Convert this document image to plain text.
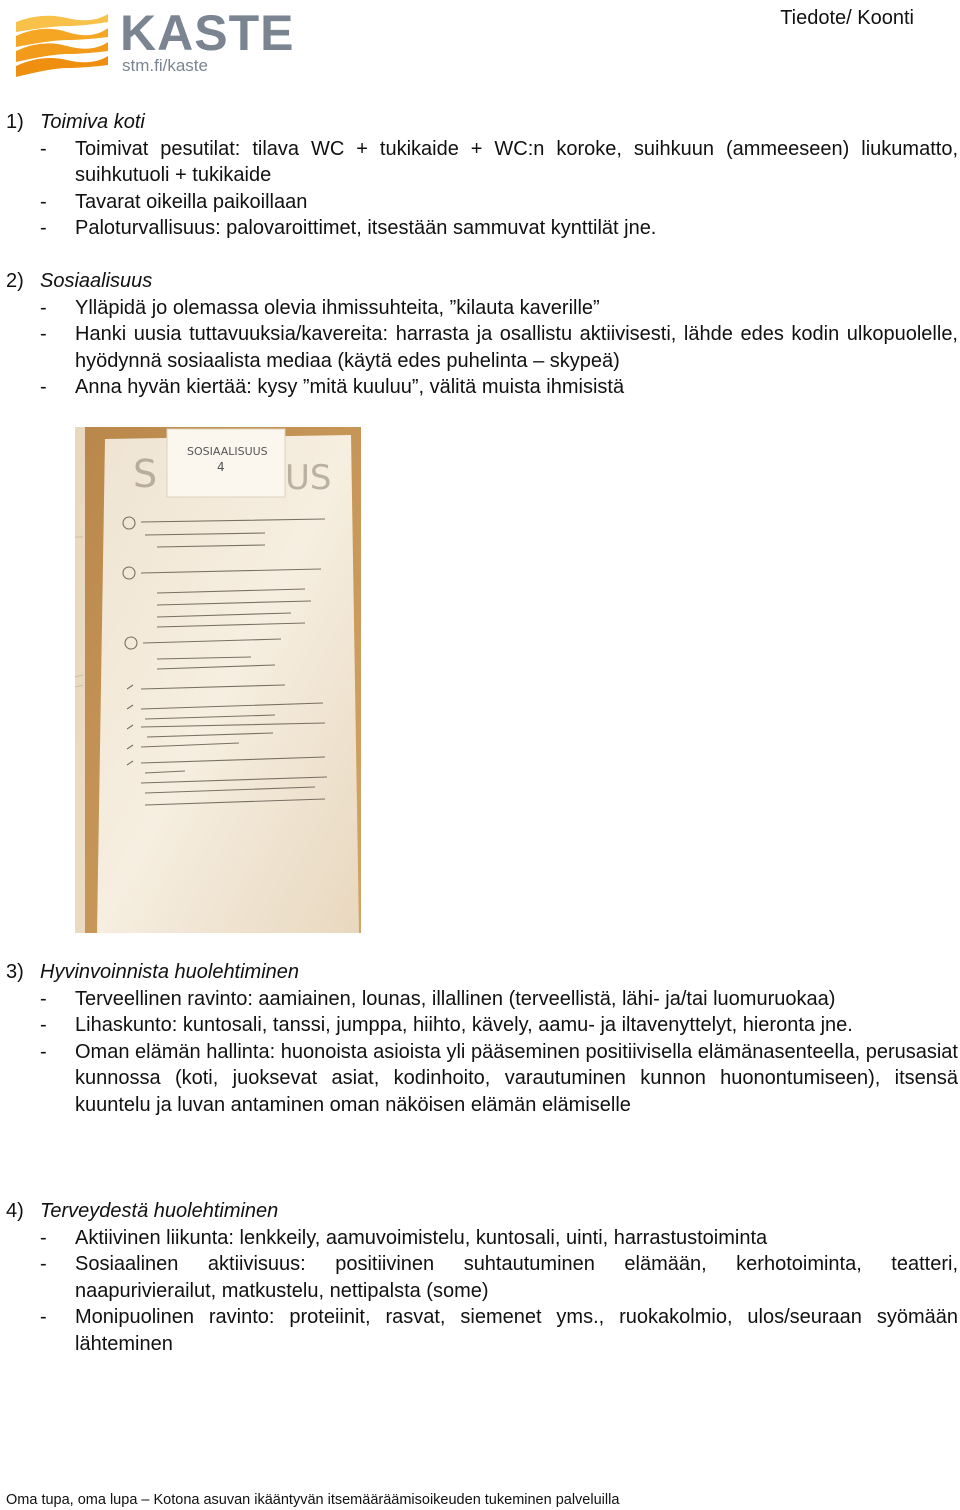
KASTE
stm.fi/kaste
Tiedote/ Koonti
1) Toimiva koti
- Toimivat pesutilat: tilava WC + tukikaide + WC:n koroke, suihkuun (ammeeseen) liukumatto, suihkutuoli + tukikaide
- Tavarat oikeilla paikoillaan
- Paloturvallisuus: palovaroittimet, itsestään sammuvat kynttilät jne.
2) Sosiaalisuus
- Ylläpidä jo olemassa olevia ihmissuhteita, ”kilauta kaverille”
- Hanki uusia tuttavuuksia/kavereita: harrasta ja osallistu aktiivisesti, lähde edes kodin ulkopuolelle, hyödynnä sosiaalista mediaa (käytä edes puhelinta – skypeä)
- Anna hyvän kiertää: kysy ”mitä kuuluu”, välitä muista ihmisistä
SOSIAALISUUS
4
S	US
3) Hyvinvoinnista huolehtiminen
- Terveellinen ravinto: aamiainen, lounas, illallinen (terveellistä, lähi- ja/tai luomuruokaa)
- Lihaskunto: kuntosali, tanssi, jumppa, hiihto, kävely, aamu- ja iltavenyttelyt, hieronta jne.
- Oman elämän hallinta: huonoista asioista yli pääseminen positiivisella elämänasenteella, perusasiat kunnossa (koti, juoksevat asiat, kodinhoito, varautuminen kunnon huonontumiseen), itsensä kuuntelu ja luvan antaminen oman näköisen elämän elämiselle
4) Terveydestä huolehtiminen
- Aktiivinen liikunta: lenkkeily, aamuvoimistelu, kuntosali, uinti, harrastustoiminta
- Sosiaalinen aktiivisuus: positiivinen suhtautuminen elämään, kerhotoiminta, teatteri, naapurivierailut, matkustelu, nettipalsta (some)
- Monipuolinen ravinto: proteiinit, rasvat, siemenet yms., ruokakolmio, ulos/seuraan syömään lähteminen
Oma tupa, oma lupa – Kotona asuvan ikääntyvän itsemääräämisoikeuden tukeminen palveluilla
